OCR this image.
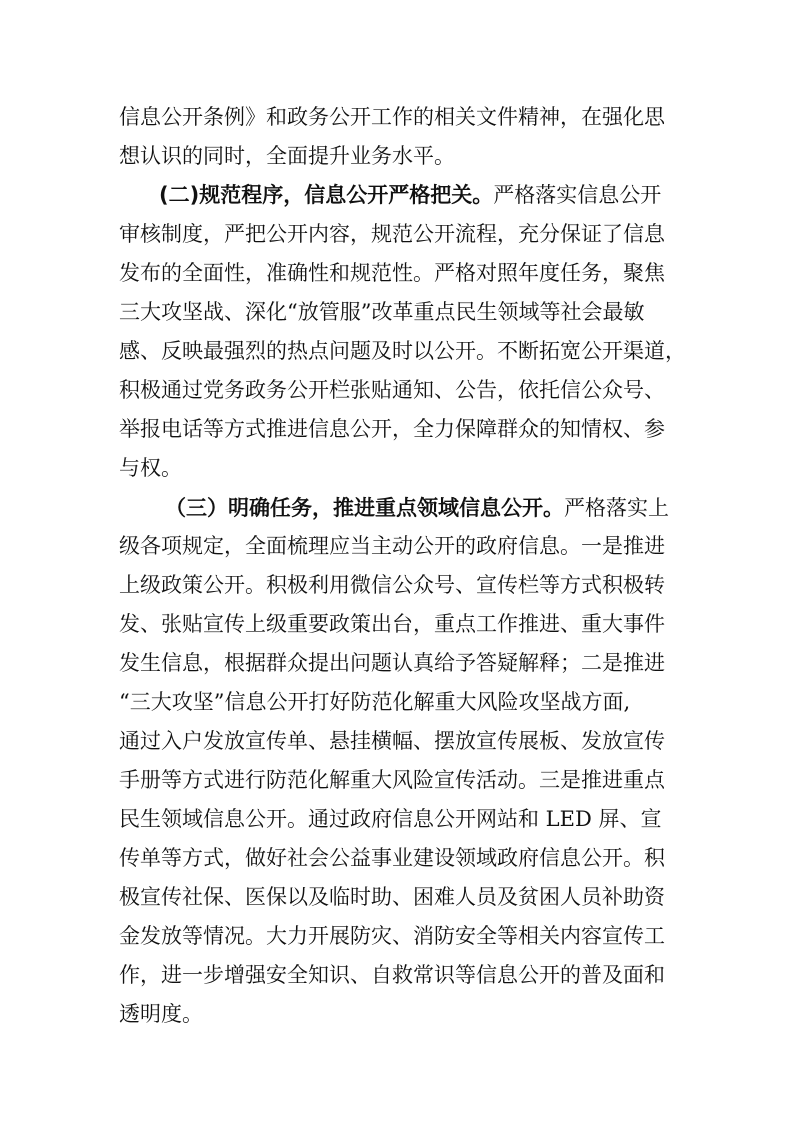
信息公开条例》和政务公开工作的相关文件精神，在强化思
想认识的同时，全面提升业务水平。
(二)规范程序，信息公开严格把关。严格落实信息公开
审核制度，严把公开内容，规范公开流程，充分保证了信息
发布的全面性，准确性和规范性。严格对照年度任务，聚焦
三大攻坚战、深化“放管服”改革重点民生领域等社会最敏
感、反映最强烈的热点问题及时以公开。不断拓宽公开渠道，
积极通过党务政务公开栏张贴通知、公告，依托信公众号、
举报电话等方式推进信息公开，全力保障群众的知情权、参
与权。
（三）明确任务，推进重点领域信息公开。严格落实上
级各项规定，全面梳理应当主动公开的政府信息。一是推进
上级政策公开。积极利用微信公众号、宣传栏等方式积极转
发、张贴宣传上级重要政策出台，重点工作推进、重大事件
发生信息，根据群众提出问题认真给予答疑解释；二是推进
“三大攻坚”信息公开打好防范化解重大风险攻坚战方面,
通过入户发放宣传单、悬挂横幅、摆放宣传展板、发放宣传
手册等方式进行防范化解重大风险宣传活动。三是推进重点
民生领域信息公开。通过政府信息公开网站和 LED 屏、宣
传单等方式，做好社会公益事业建设领域政府信息公开。积
极宣传社保、医保以及临时助、困难人员及贫困人员补助资
金发放等情况。大力开展防灾、消防安全等相关内容宣传工
作，进一步增强安全知识、自救常识等信息公开的普及面和
透明度。
